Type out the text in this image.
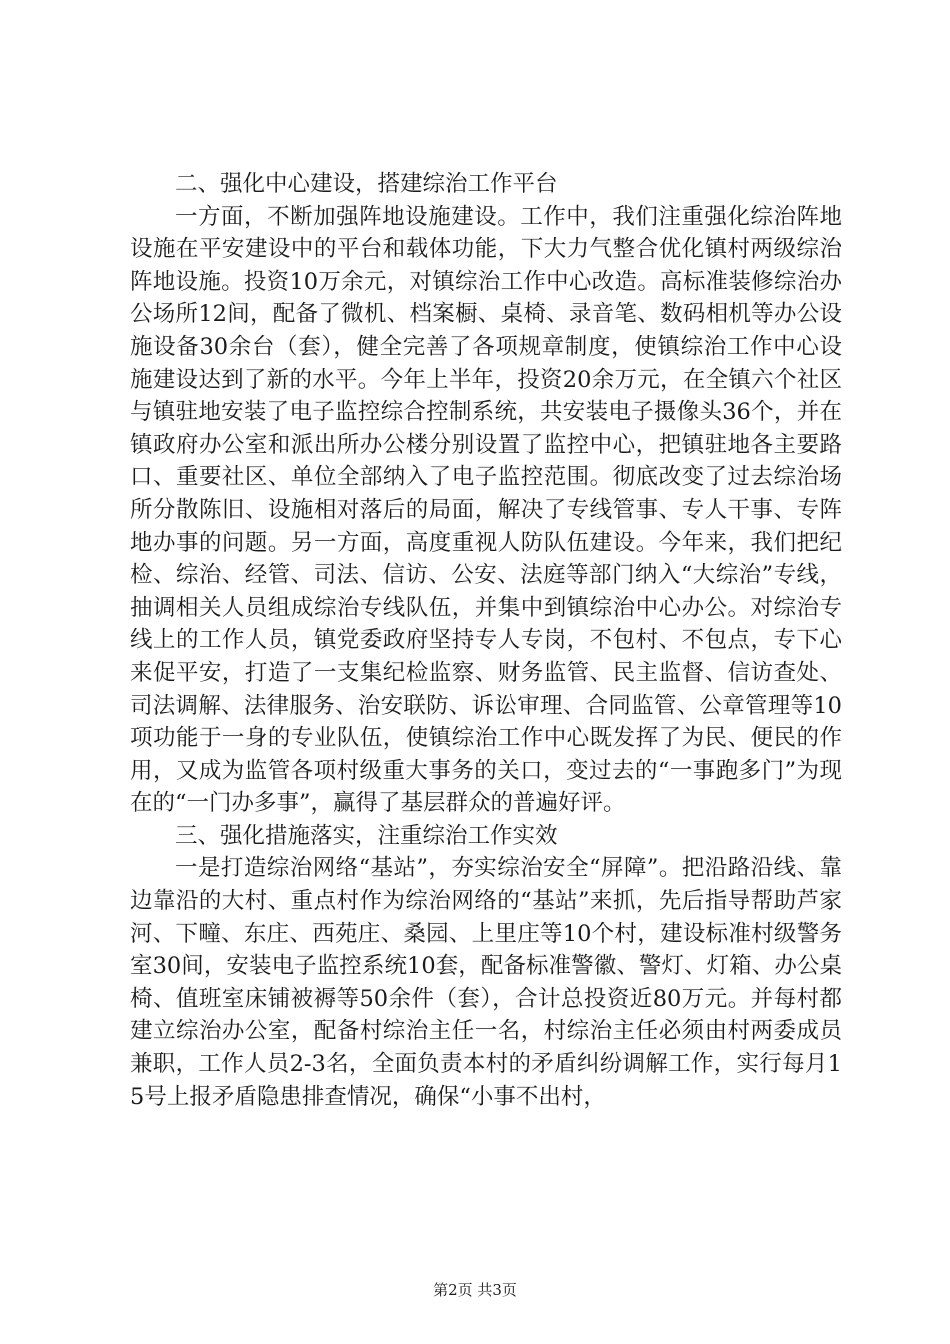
二、强化中心建设，搭建综治工作平台

一方面，不断加强阵地设施建设。工作中，我们注重强化综治阵地设施在平安建设中的平台和载体功能，下大力气整合优化镇村两级综治阵地设施。投资10万余元，对镇综治工作中心改造。高标准装修综治办公场所12间，配备了微机、档案橱、桌椅、录音笔、数码相机等办公设施设备30余台（套），健全完善了各项规章制度，使镇综治工作中心设施建设达到了新的水平。今年上半年，投资20余万元，在全镇六个社区与镇驻地安装了电子监控综合控制系统，共安装电子摄像头36个，并在镇政府办公室和派出所办公楼分别设置了监控中心，把镇驻地各主要路口、重要社区、单位全部纳入了电子监控范围。彻底改变了过去综治场所分散陈旧、设施相对落后的局面，解决了专线管事、专人干事、专阵地办事的问题。另一方面，高度重视人防队伍建设。今年来，我们把纪检、综治、经管、司法、信访、公安、法庭等部门纳入“大综治”专线，抽调相关人员组成综治专线队伍，并集中到镇综治中心办公。对综治专线上的工作人员，镇党委政府坚持专人专岗，不包村、不包点，专下心来促平安，打造了一支集纪检监察、财务监管、民主监督、信访查处、司法调解、法律服务、治安联防、诉讼审理、合同监管、公章管理等10项功能于一身的专业队伍，使镇综治工作中心既发挥了为民、便民的作用，又成为监管各项村级重大事务的关口，变过去的“一事跑多门”为现在的“一门办多事”，赢得了基层群众的普遍好评。

三、强化措施落实，注重综治工作实效

一是打造综治网络“基站”，夯实综治安全“屏障”。把沿路沿线、靠边靠沿的大村、重点村作为综治网络的“基站”来抓，先后指导帮助芦家河、下疃、东庄、西苑庄、桑园、上里庄等10个村，建设标准村级警务室30间，安装电子监控系统10套，配备标准警徽、警灯、灯箱、办公桌椅、值班室床铺被褥等50余件（套），合计总投资近80万元。并每村都建立综治办公室，配备村综治主任一名，村综治主任必须由村两委成员兼职，工作人员2-3名，全面负责本村的矛盾纠纷调解工作，实行每月15号上报矛盾隐患排查情况，确保“小事不出村，

第2页 共3页
